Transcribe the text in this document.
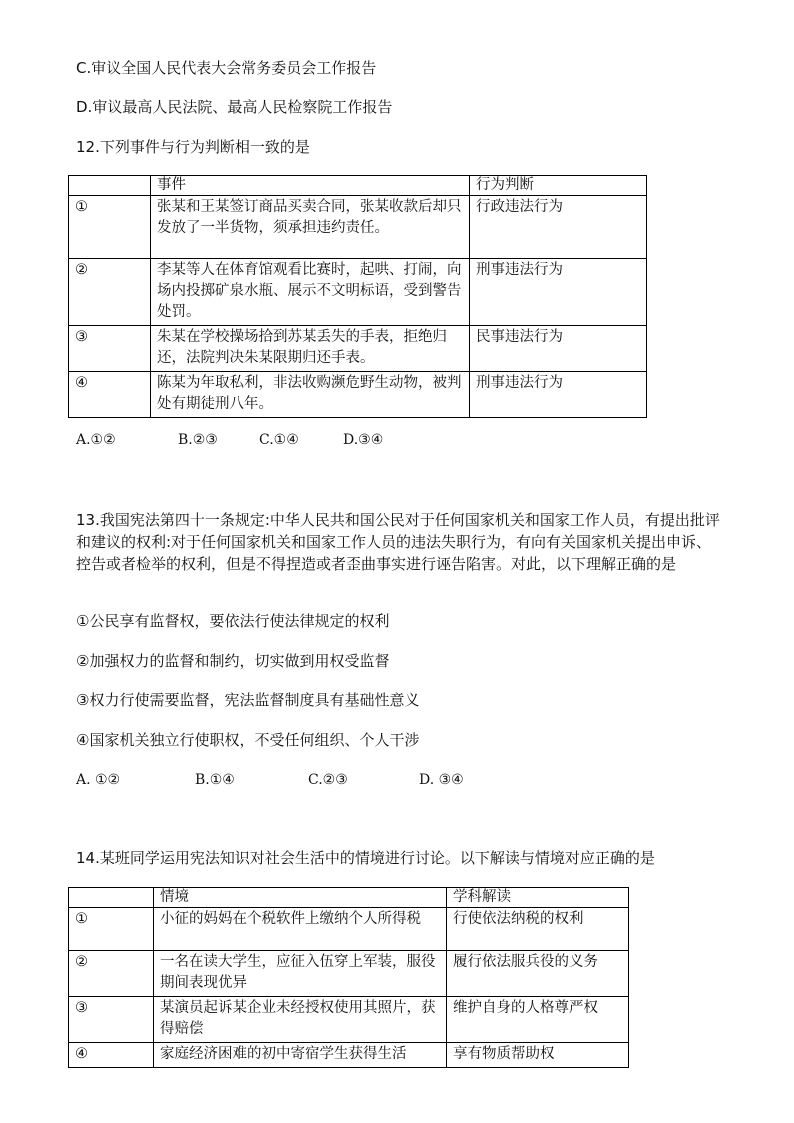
C.审议全国人民代表大会常务委员会工作报告
D.审议最高人民法院、最高人民检察院工作报告
12.下列事件与行为判断相一致的是
	事件	行为判断
①	张某和王某签订商品买卖合同，张某收款后却只发放了一半货物，须承担违约责任。	行政违法行为
②	李某等人在体育馆观看比赛时，起哄、打闹，向场内投掷矿泉水瓶、展示不文明标语，受到警告处罚。	刑事违法行为
③	朱某在学校操场拾到苏某丢失的手表，拒绝归还，法院判决朱某限期归还手表。	民事违法行为
④	陈某为年取私利，非法收购濒危野生动物，被判处有期徒刑八年。	刑事违法行为
A.①②	B.②③	C.①④	D.③④
13.我国宪法第四十一条规定:中华人民共和国公民对于任何国家机关和国家工作人员，有提出批评和建议的权利:对于任何国家机关和国家工作人员的违法失职行为，有向有关国家机关提出申诉、控告或者检举的权利，但是不得捏造或者歪曲事实进行诬告陷害。对此，以下理解正确的是
①公民享有监督权，要依法行使法律规定的权利
②加强权力的监督和制约，切实做到用权受监督
③权力行使需要监督，宪法监督制度具有基础性意义
④国家机关独立行使职权，不受任何组织、个人干涉
A. ①②	B.①④	C.②③	D. ③④
14.某班同学运用宪法知识对社会生活中的情境进行讨论。以下解读与情境对应正确的是
	情境	学科解读
①	小征的妈妈在个税软件上缴纳个人所得税	行使依法纳税的权利
②	一名在读大学生，应征入伍穿上军装，服役期间表现优异	履行依法服兵役的义务
③	某演员起诉某企业未经授权使用其照片，获得赔偿	维护自身的人格尊严权
④	家庭经济困难的初中寄宿学生获得生活	享有物质帮助权
